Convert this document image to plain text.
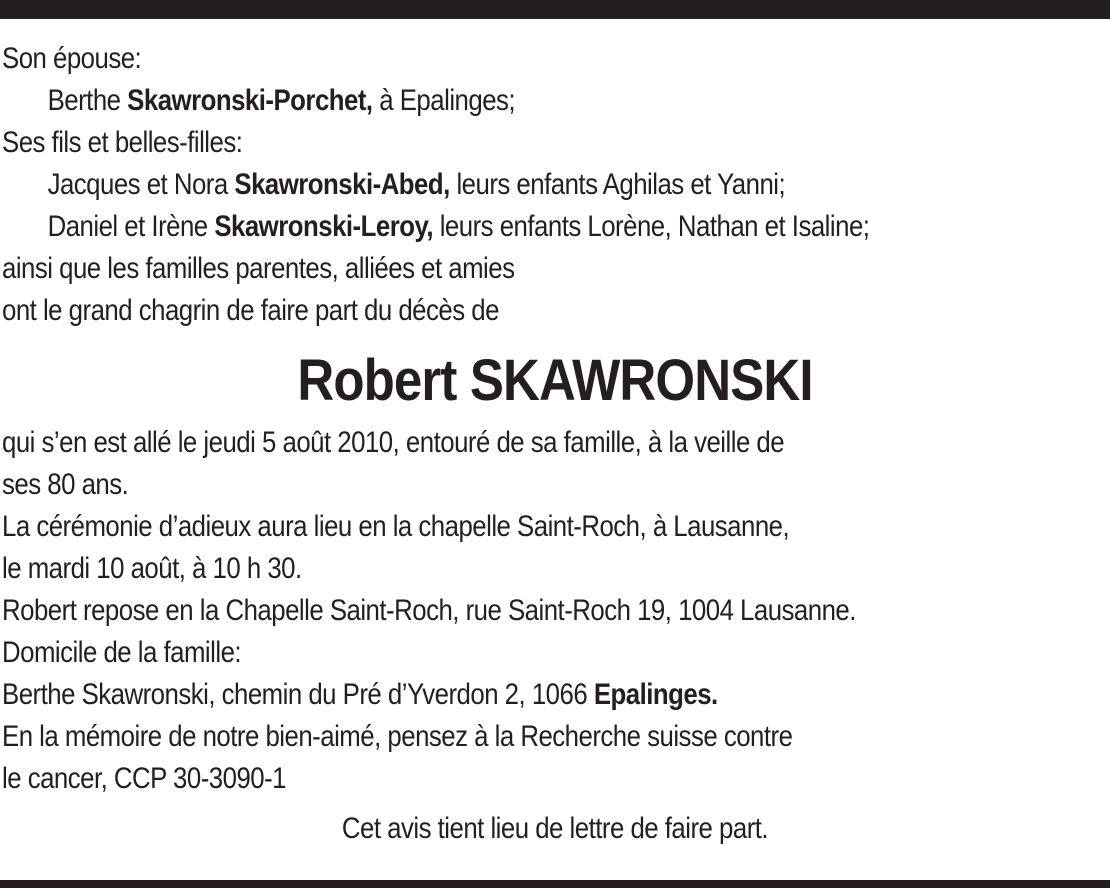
Son épouse:
Berthe Skawronski-Porchet, à Epalinges;
Ses fils et belles-filles:
Jacques et Nora Skawronski-Abed, leurs enfants Aghilas et Yanni;
Daniel et Irène Skawronski-Leroy, leurs enfants Lorène, Nathan et Isaline;
ainsi que les familles parentes, alliées et amies
ont le grand chagrin de faire part du décès de
Robert SKAWRONSKI
qui s’en est allé le jeudi 5 août 2010, entouré de sa famille, à la veille de
ses 80 ans.
La cérémonie d’adieux aura lieu en la chapelle Saint-Roch, à Lausanne,
le mardi 10 août, à 10 h 30.
Robert repose en la Chapelle Saint-Roch, rue Saint-Roch 19, 1004 Lausanne.
Domicile de la famille:
Berthe Skawronski, chemin du Pré d’Yverdon 2, 1066 Epalinges.
En la mémoire de notre bien-aimé, pensez à la Recherche suisse contre
le cancer, CCP 30-3090-1
Cet avis tient lieu de lettre de faire part.
